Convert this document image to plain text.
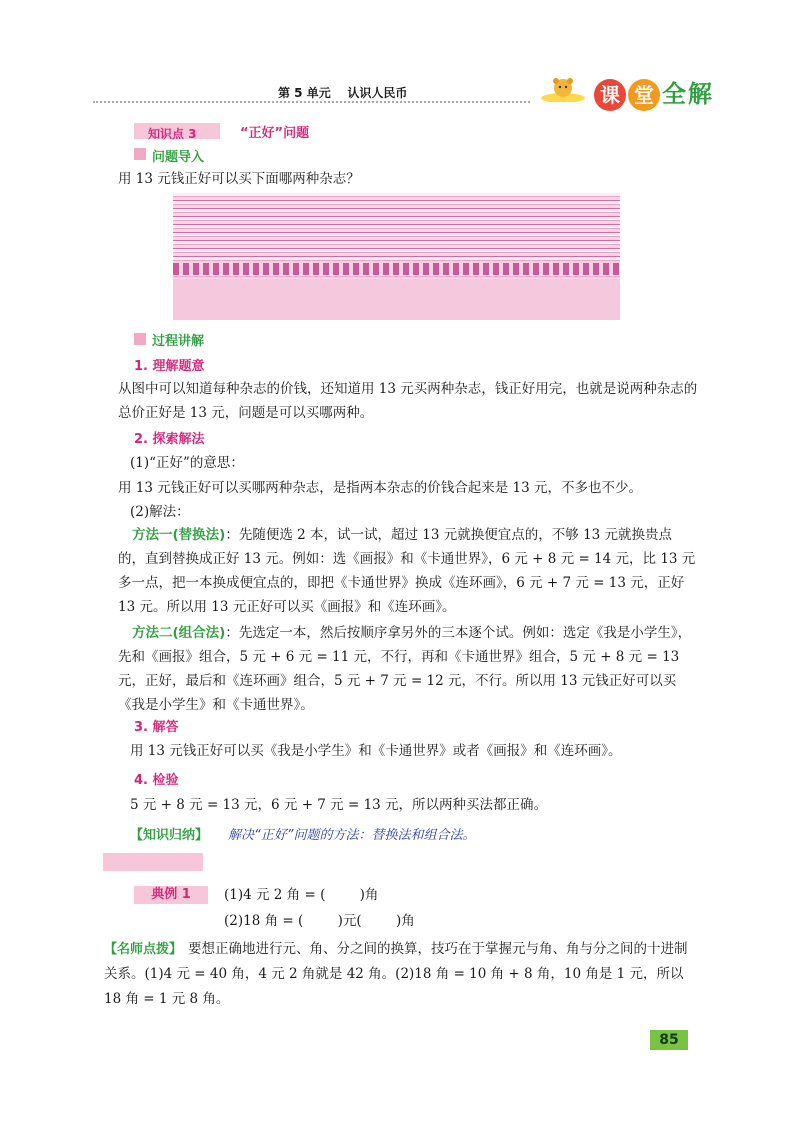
第 5 单元    认识人民币	课 堂 全解
知识点 3	“正好”问题
问题导入
用 13 元钱正好可以买下面哪两种杂志？
过程讲解
1. 理解题意
从图中可以知道每种杂志的价钱，还知道用 13 元买两种杂志，钱正好用完，也就是说两种杂志的总价正好是 13 元，问题是可以买哪两种。
2. 探索解法
(1)“正好”的意思：
用 13 元钱正好可以买哪两种杂志，是指两本杂志的价钱合起来是 13 元，不多也不少。
(2)解法：
方法一(替换法)：先随便选 2 本，试一试，超过 13 元就换便宜点的，不够 13 元就换贵点的，直到替换成正好 13 元。例如：选《画报》和《卡通世界》，6 元 + 8 元 = 14 元，比 13 元多一点，把一本换成便宜点的，即把《卡通世界》换成《连环画》，6 元 + 7 元 = 13 元，正好 13 元。所以用 13 元正好可以买《画报》和《连环画》。
方法二(组合法)：先选定一本，然后按顺序拿另外的三本逐个试。例如：选定《我是小学生》，先和《画报》组合，5 元 + 6 元 = 11 元，不行，再和《卡通世界》组合，5 元 + 8 元 = 13 元，正好，最后和《连环画》组合，5 元 + 7 元 = 12 元，不行。所以用 13 元钱正好可以买《我是小学生》和《卡通世界》。
3. 解答
用 13 元钱正好可以买《我是小学生》和《卡通世界》或者《画报》和《连环画》。
4. 检验
5 元 + 8 元 = 13 元，6 元 + 7 元 = 13 元，所以两种买法都正确。
【知识归纳】 解决“正好”问题的方法：替换法和组合法。
典例 1	(1)4 元 2 角 = (        )角
(2)18 角 = (        )元(        )角
【名师点拨】 要想正确地进行元、角、分之间的换算，技巧在于掌握元与角、角与分之间的十进制关系。(1)4 元 = 40 角，4 元 2 角就是 42 角。(2)18 角 = 10 角 + 8 角，10 角是 1 元，所以 18 角 = 1 元 8 角。
85
